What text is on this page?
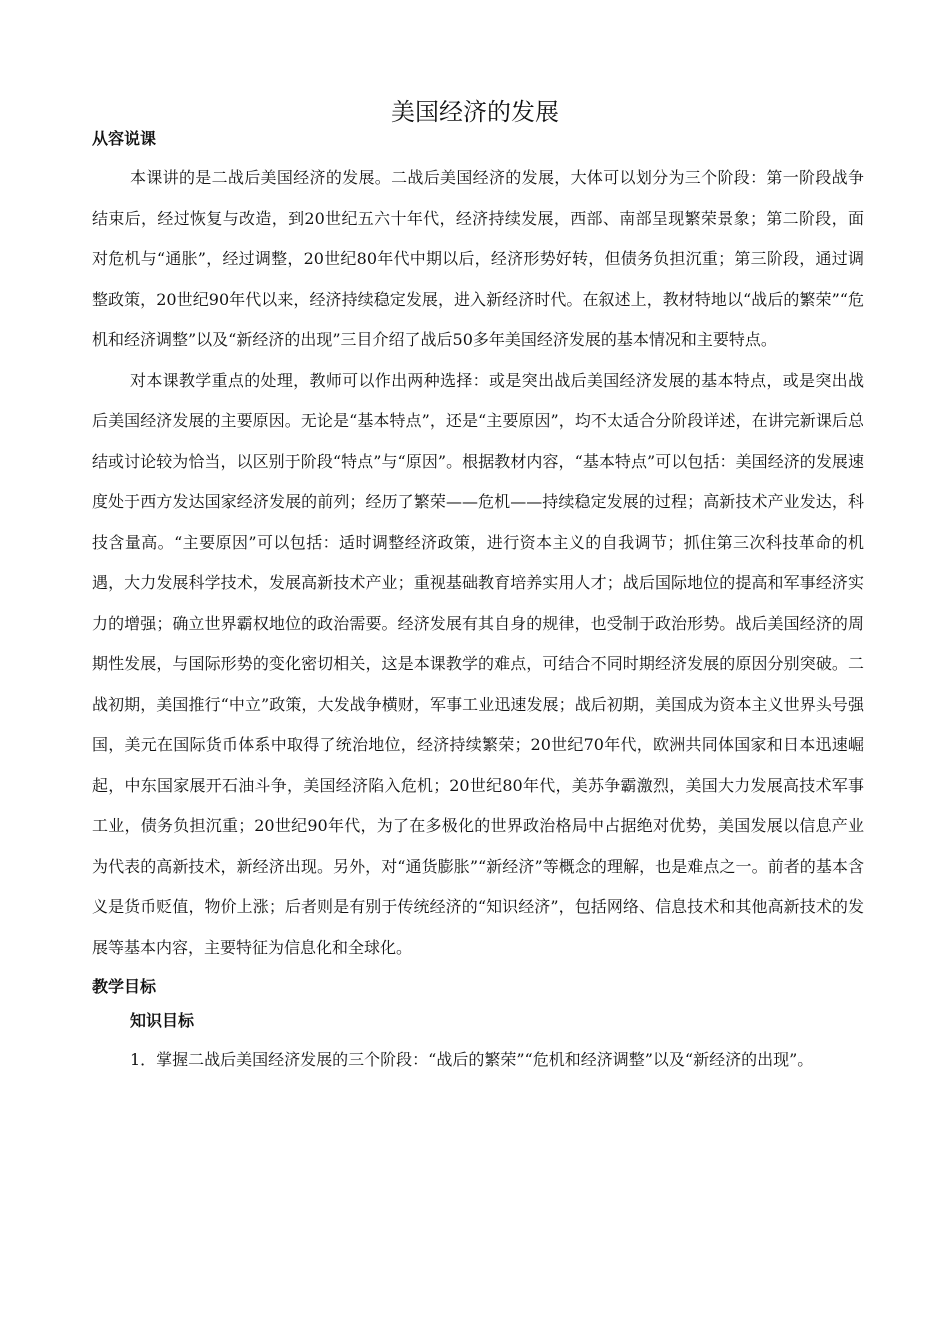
美国经济的发展
从容说课

本课讲的是二战后美国经济的发展。二战后美国经济的发展，大体可以划分为三个阶段：第一阶段战争结束后，经过恢复与改造，到20世纪五六十年代，经济持续发展，西部、南部呈现繁荣景象；第二阶段，面对危机与“通胀”，经过调整，20世纪80年代中期以后，经济形势好转，但债务负担沉重；第三阶段，通过调整政策，20世纪90年代以来，经济持续稳定发展，进入新经济时代。在叙述上，教材特地以“战后的繁荣”“危机和经济调整”以及“新经济的出现”三目介绍了战后50多年美国经济发展的基本情况和主要特点。

对本课教学重点的处理，教师可以作出两种选择：或是突出战后美国经济发展的基本特点，或是突出战后美国经济发展的主要原因。无论是“基本特点”，还是“主要原因”，均不太适合分阶段详述，在讲完新课后总结或讨论较为恰当，以区别于阶段“特点”与“原因”。根据教材内容，“基本特点”可以包括：美国经济的发展速度处于西方发达国家经济发展的前列；经历了繁荣——危机——持续稳定发展的过程；高新技术产业发达，科技含量高。“主要原因”可以包括：适时调整经济政策，进行资本主义的自我调节；抓住第三次科技革命的机遇，大力发展科学技术，发展高新技术产业；重视基础教育培养实用人才；战后国际地位的提高和军事经济实力的增强；确立世界霸权地位的政治需要。经济发展有其自身的规律，也受制于政治形势。战后美国经济的周期性发展，与国际形势的变化密切相关，这是本课教学的难点，可结合不同时期经济发展的原因分别突破。二战初期，美国推行“中立”政策，大发战争横财，军事工业迅速发展；战后初期，美国成为资本主义世界头号强国，美元在国际货币体系中取得了统治地位，经济持续繁荣；20世纪70年代，欧洲共同体国家和日本迅速崛起，中东国家展开石油斗争，美国经济陷入危机；20世纪80年代，美苏争霸激烈，美国大力发展高技术军事工业，债务负担沉重；20世纪90年代，为了在多极化的世界政治格局中占据绝对优势，美国发展以信息产业为代表的高新技术，新经济出现。另外，对“通货膨胀”“新经济”等概念的理解，也是难点之一。前者的基本含义是货币贬值，物价上涨；后者则是有别于传统经济的“知识经济”，包括网络、信息技术和其他高新技术的发展等基本内容，主要特征为信息化和全球化。

教学目标
知识目标

1．掌握二战后美国经济发展的三个阶段：“战后的繁荣”“危机和经济调整”以及“新经济的出现”。
